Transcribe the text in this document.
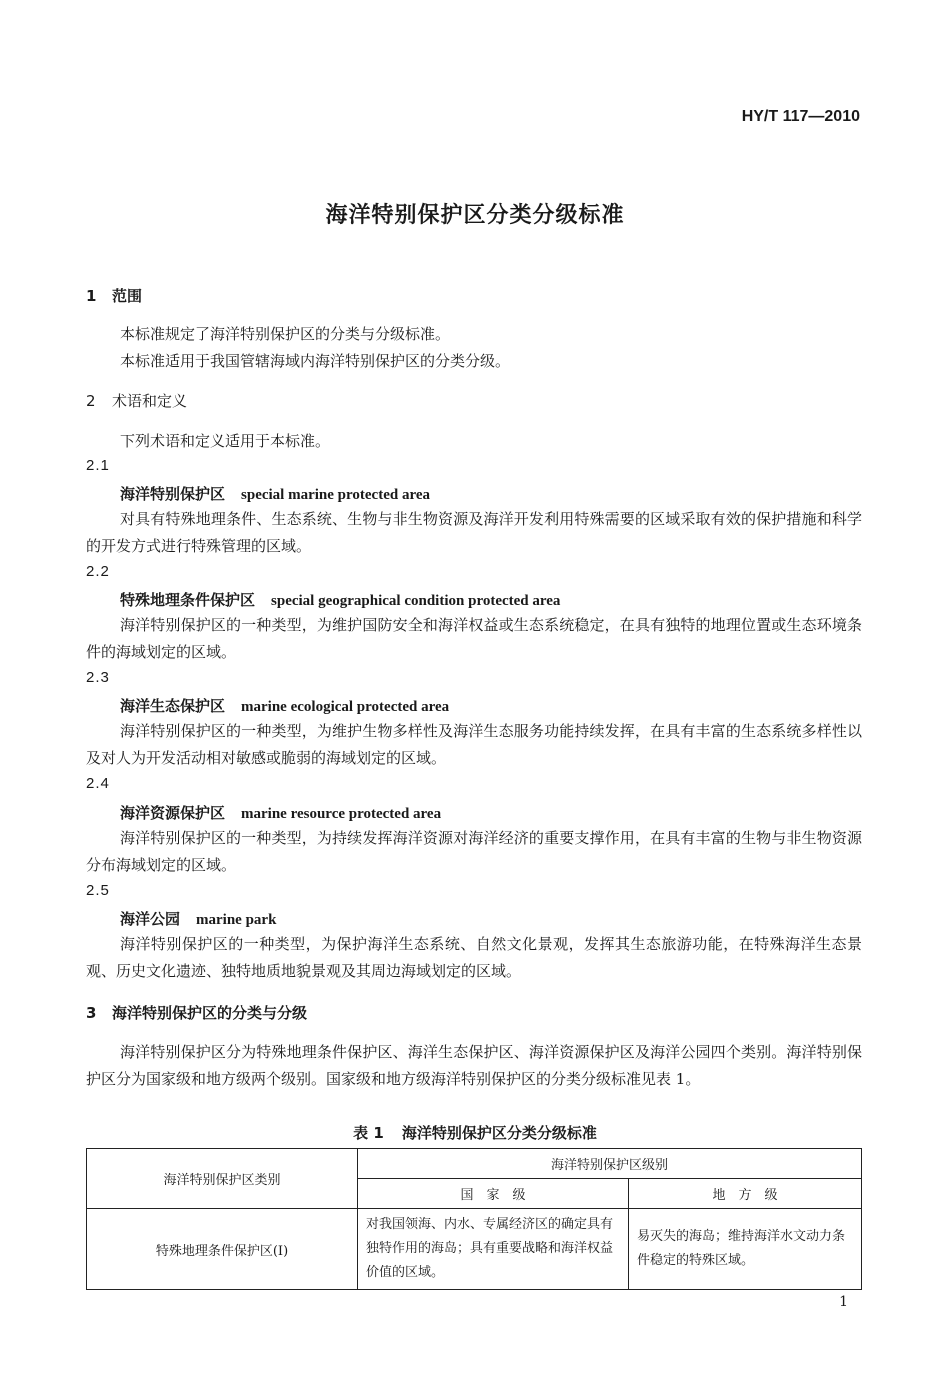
HY/T 117—2010
海洋特别保护区分类分级标准
1 范围
本标准规定了海洋特别保护区的分类与分级标准。
本标准适用于我国管辖海域内海洋特别保护区的分类分级。
2 术语和定义
下列术语和定义适用于本标准。
2.1
海洋特别保护区 special marine protected area
对具有特殊地理条件、生态系统、生物与非生物资源及海洋开发利用特殊需要的区域采取有效的保护措施和科学的开发方式进行特殊管理的区域。
2.2
特殊地理条件保护区 special geographical condition protected area
海洋特别保护区的一种类型，为维护国防安全和海洋权益或生态系统稳定，在具有独特的地理位置或生态环境条件的海域划定的区域。
2.3
海洋生态保护区 marine ecological protected area
海洋特别保护区的一种类型，为维护生物多样性及海洋生态服务功能持续发挥，在具有丰富的生态系统多样性以及对人为开发活动相对敏感或脆弱的海域划定的区域。
2.4
海洋资源保护区 marine resource protected area
海洋特别保护区的一种类型，为持续发挥海洋资源对海洋经济的重要支撑作用，在具有丰富的生物与非生物资源分布海域划定的区域。
2.5
海洋公园 marine park
海洋特别保护区的一种类型，为保护海洋生态系统、自然文化景观，发挥其生态旅游功能，在特殊海洋生态景观、历史文化遗迹、独特地质地貌景观及其周边海域划定的区域。
3 海洋特别保护区的分类与分级
海洋特别保护区分为特殊地理条件保护区、海洋生态保护区、海洋资源保护区及海洋公园四个类别。海洋特别保护区分为国家级和地方级两个级别。国家级和地方级海洋特别保护区的分类分级标准见表 1。
表 1 海洋特别保护区分类分级标准
海洋特别保护区类别	海洋特别保护区级别	
	国　家　级	地　方　级
特殊地理条件保护区(Ⅰ)	对我国领海、内水、专属经济区的确定具有独特作用的海岛；具有重要战略和海洋权益价值的区域。	易灭失的海岛；维持海洋水文动力条件稳定的特殊区域。
1
